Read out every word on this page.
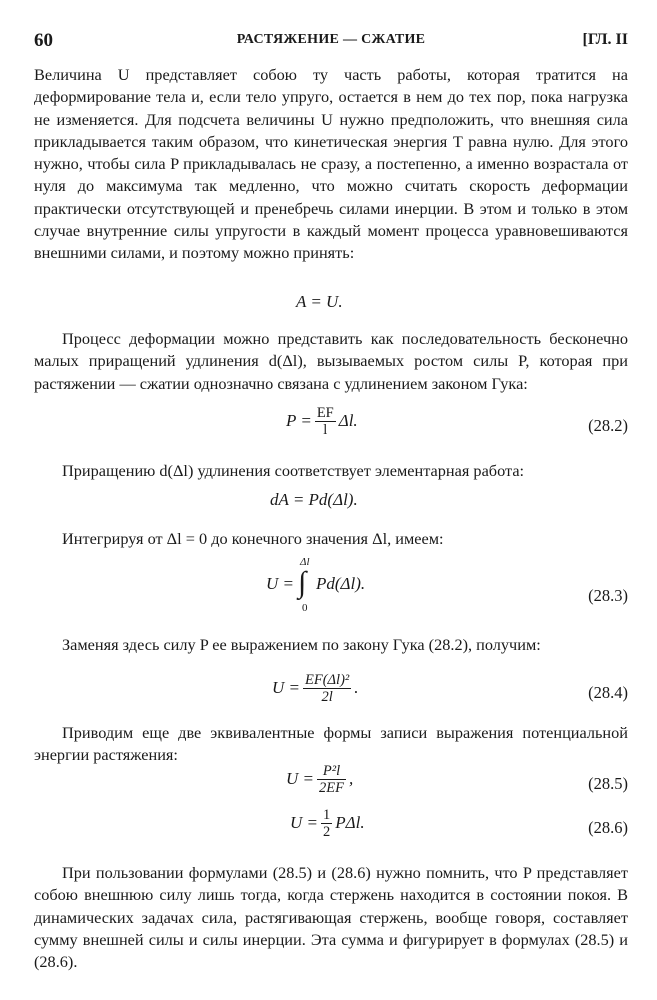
60	РАСТЯЖЕНИЕ — СЖАТИЕ	[ГЛ. II

Величина U представляет собою ту часть работы, которая тратится на деформирование тела и, если тело упруго, остается в нем до тех пор, пока нагрузка не изменяется. Для подсчета величины U нужно предположить, что внешняя сила прикладывается таким образом, что кинетическая энергия T равна нулю. Для этого нужно, чтобы сила P прикладывалась не сразу, а постепенно, а именно возрастала от нуля до максимума так медленно, что можно считать скорость деформации практически отсутствующей и пренебречь силами инерции. В этом и только в этом случае внутренние силы упругости в каждый момент процесса уравновешиваются внешними силами, и поэтому можно принять:

A = U.

Процесс деформации можно представить как последовательность бесконечно малых приращений удлинения d(Δl), вызываемых ростом силы P, которая при растяжении — сжатии однозначно связана с удлинением законом Гука:

$P = \frac{EF}{l} \Delta l$.	(28.2)

Приращению d(Δl) удлинения соответствует элементарная работа:

dA = Pd(Δl).

Интегрируя от Δl = 0 до конечного значения Δl, имеем:

U = ∫
Δl
0
Pd(Δl).
(28.3)

Заменяя здесь силу P ее выражением по закону Гука (28.2), получим:

$U = \frac{\text{EF(Δl)²}}{2l}$ .	(28.4)

Приводим еще две эквивалентные формы записи выражения потенциальной энергии растяжения:

$U = \frac{\text{P²l}}{2EF}$ ,	(28.5)
$U = \frac{1}{2} P\Delta l$.	(28.6)

При пользовании формулами (28.5) и (28.6) нужно помнить, что P представляет собою внешнюю силу лишь тогда, когда стержень находится в состоянии покоя. В динамических задачах сила, растягивающая стержень, вообще говоря, составляет сумму внешней силы и силы инерции. Эта сумма и фигурирует в формулах (28.5) и (28.6).
